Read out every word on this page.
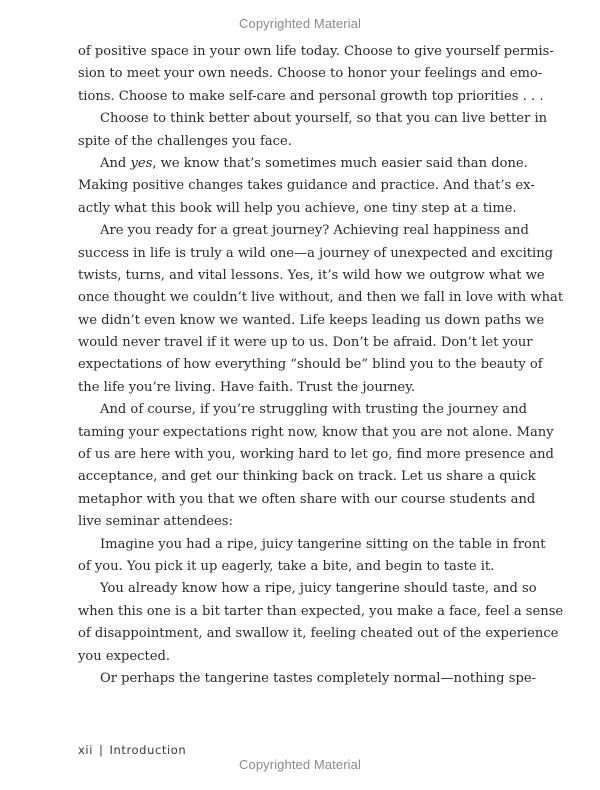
Copyrighted Material
of positive space in your own life today. Choose to give yourself permis-
sion to meet your own needs. Choose to honor your feelings and emo-
tions. Choose to make self-care and personal growth top priorities . . .
Choose to think better about yourself, so that you can live better in
spite of the challenges you face.
And yes, we know that’s sometimes much easier said than done.
Making positive changes takes guidance and practice. And that’s ex-
actly what this book will help you achieve, one tiny step at a time.
Are you ready for a great journey? Achieving real happiness and
success in life is truly a wild one—a journey of unexpected and exciting
twists, turns, and vital lessons. Yes, it’s wild how we outgrow what we
once thought we couldn’t live without, and then we fall in love with what
we didn’t even know we wanted. Life keeps leading us down paths we
would never travel if it were up to us. Don’t be afraid. Don’t let your
expectations of how everything “should be” blind you to the beauty of
the life you’re living. Have faith. Trust the journey.
And of course, if you’re struggling with trusting the journey and
taming your expectations right now, know that you are not alone. Many
of us are here with you, working hard to let go, find more presence and
acceptance, and get our thinking back on track. Let us share a quick
metaphor with you that we often share with our course students and
live seminar attendees:
Imagine you had a ripe, juicy tangerine sitting on the table in front
of you. You pick it up eagerly, take a bite, and begin to taste it.
You already know how a ripe, juicy tangerine should taste, and so
when this one is a bit tarter than expected, you make a face, feel a sense
of disappointment, and swallow it, feeling cheated out of the experience
you expected.
Or perhaps the tangerine tastes completely normal—nothing spe-
xii | Introduction
Copyrighted Material
